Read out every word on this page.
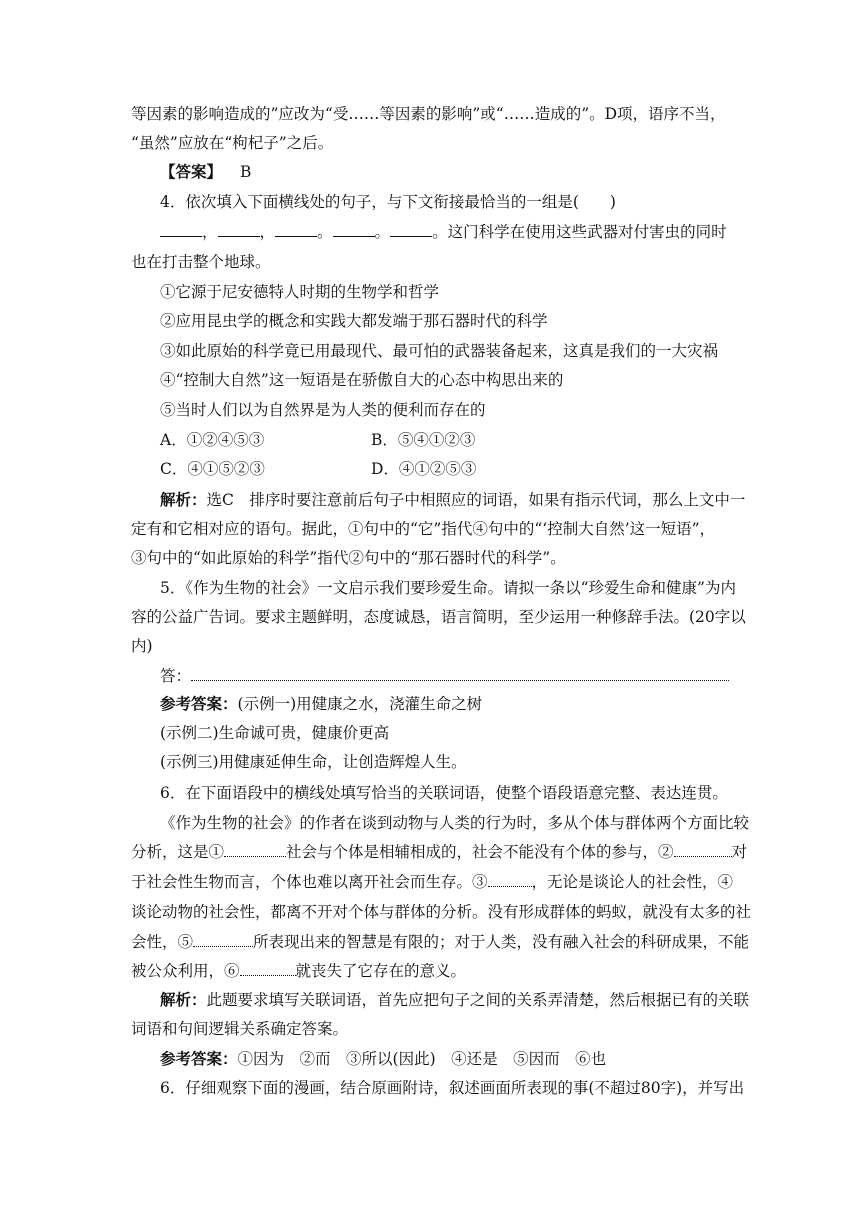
等因素的影响造成的”应改为“受……等因素的影响”或“……造成的”。D项，语序不当，
“虽然”应放在“枸杞子”之后。
【答案】 B
4．依次填入下面横线处的句子，与下文衔接最恰当的一组是(　　)
，	，	。	。	。这门科学在使用这些武器对付害虫的同时
也在打击整个地球。
①它源于尼安德特人时期的生物学和哲学
②应用昆虫学的概念和实践大都发端于那石器时代的科学
③如此原始的科学竟已用最现代、最可怕的武器装备起来，这真是我们的一大灾祸
④“控制大自然”这一短语是在骄傲自大的心态中构思出来的
⑤当时人们以为自然界是为人类的便利而存在的
A．①②④⑤③	B．⑤④①②③
C．④①⑤②③	D．④①②⑤③
解析：选C　排序时要注意前后句子中相照应的词语，如果有指示代词，那么上文中一
定有和它相对应的语句。据此，①句中的“它”指代④句中的“‘控制大自然’这一短语”，
③句中的“如此原始的科学”指代②句中的“那石器时代的科学”。
5．《作为生物的社会》一文启示我们要珍爱生命。请拟一条以“珍爱生命和健康”为内
容的公益广告词。要求主题鲜明，态度诚恳，语言简明，至少运用一种修辞手法。(20字以
内)
答：
参考答案：(示例一)用健康之水，浇灌生命之树
(示例二)生命诚可贵，健康价更高
(示例三)用健康延伸生命，让创造辉煌人生。
6．在下面语段中的横线处填写恰当的关联词语，使整个语段语意完整、表达连贯。
《作为生物的社会》的作者在谈到动物与人类的行为时，多从个体与群体两个方面比较
分析，这是①	社会与个体是相辅相成的，社会不能没有个体的参与，②	对
于社会性生物而言，个体也难以离开社会而生存。③	，无论是谈论人的社会性，④
谈论动物的社会性，都离不开对个体与群体的分析。没有形成群体的蚂蚁，就没有太多的社
会性，⑤	所表现出来的智慧是有限的；对于人类，没有融入社会的科研成果，不能
被公众利用，⑥	就丧失了它存在的意义。
解析：此题要求填写关联词语，首先应把句子之间的关系弄清楚，然后根据已有的关联
词语和句间逻辑关系确定答案。
参考答案：①因为　②而　③所以(因此)　④还是　⑤因而　⑥也
6．仔细观察下面的漫画，结合原画附诗，叙述画面所表现的事(不超过80字)，并写出
